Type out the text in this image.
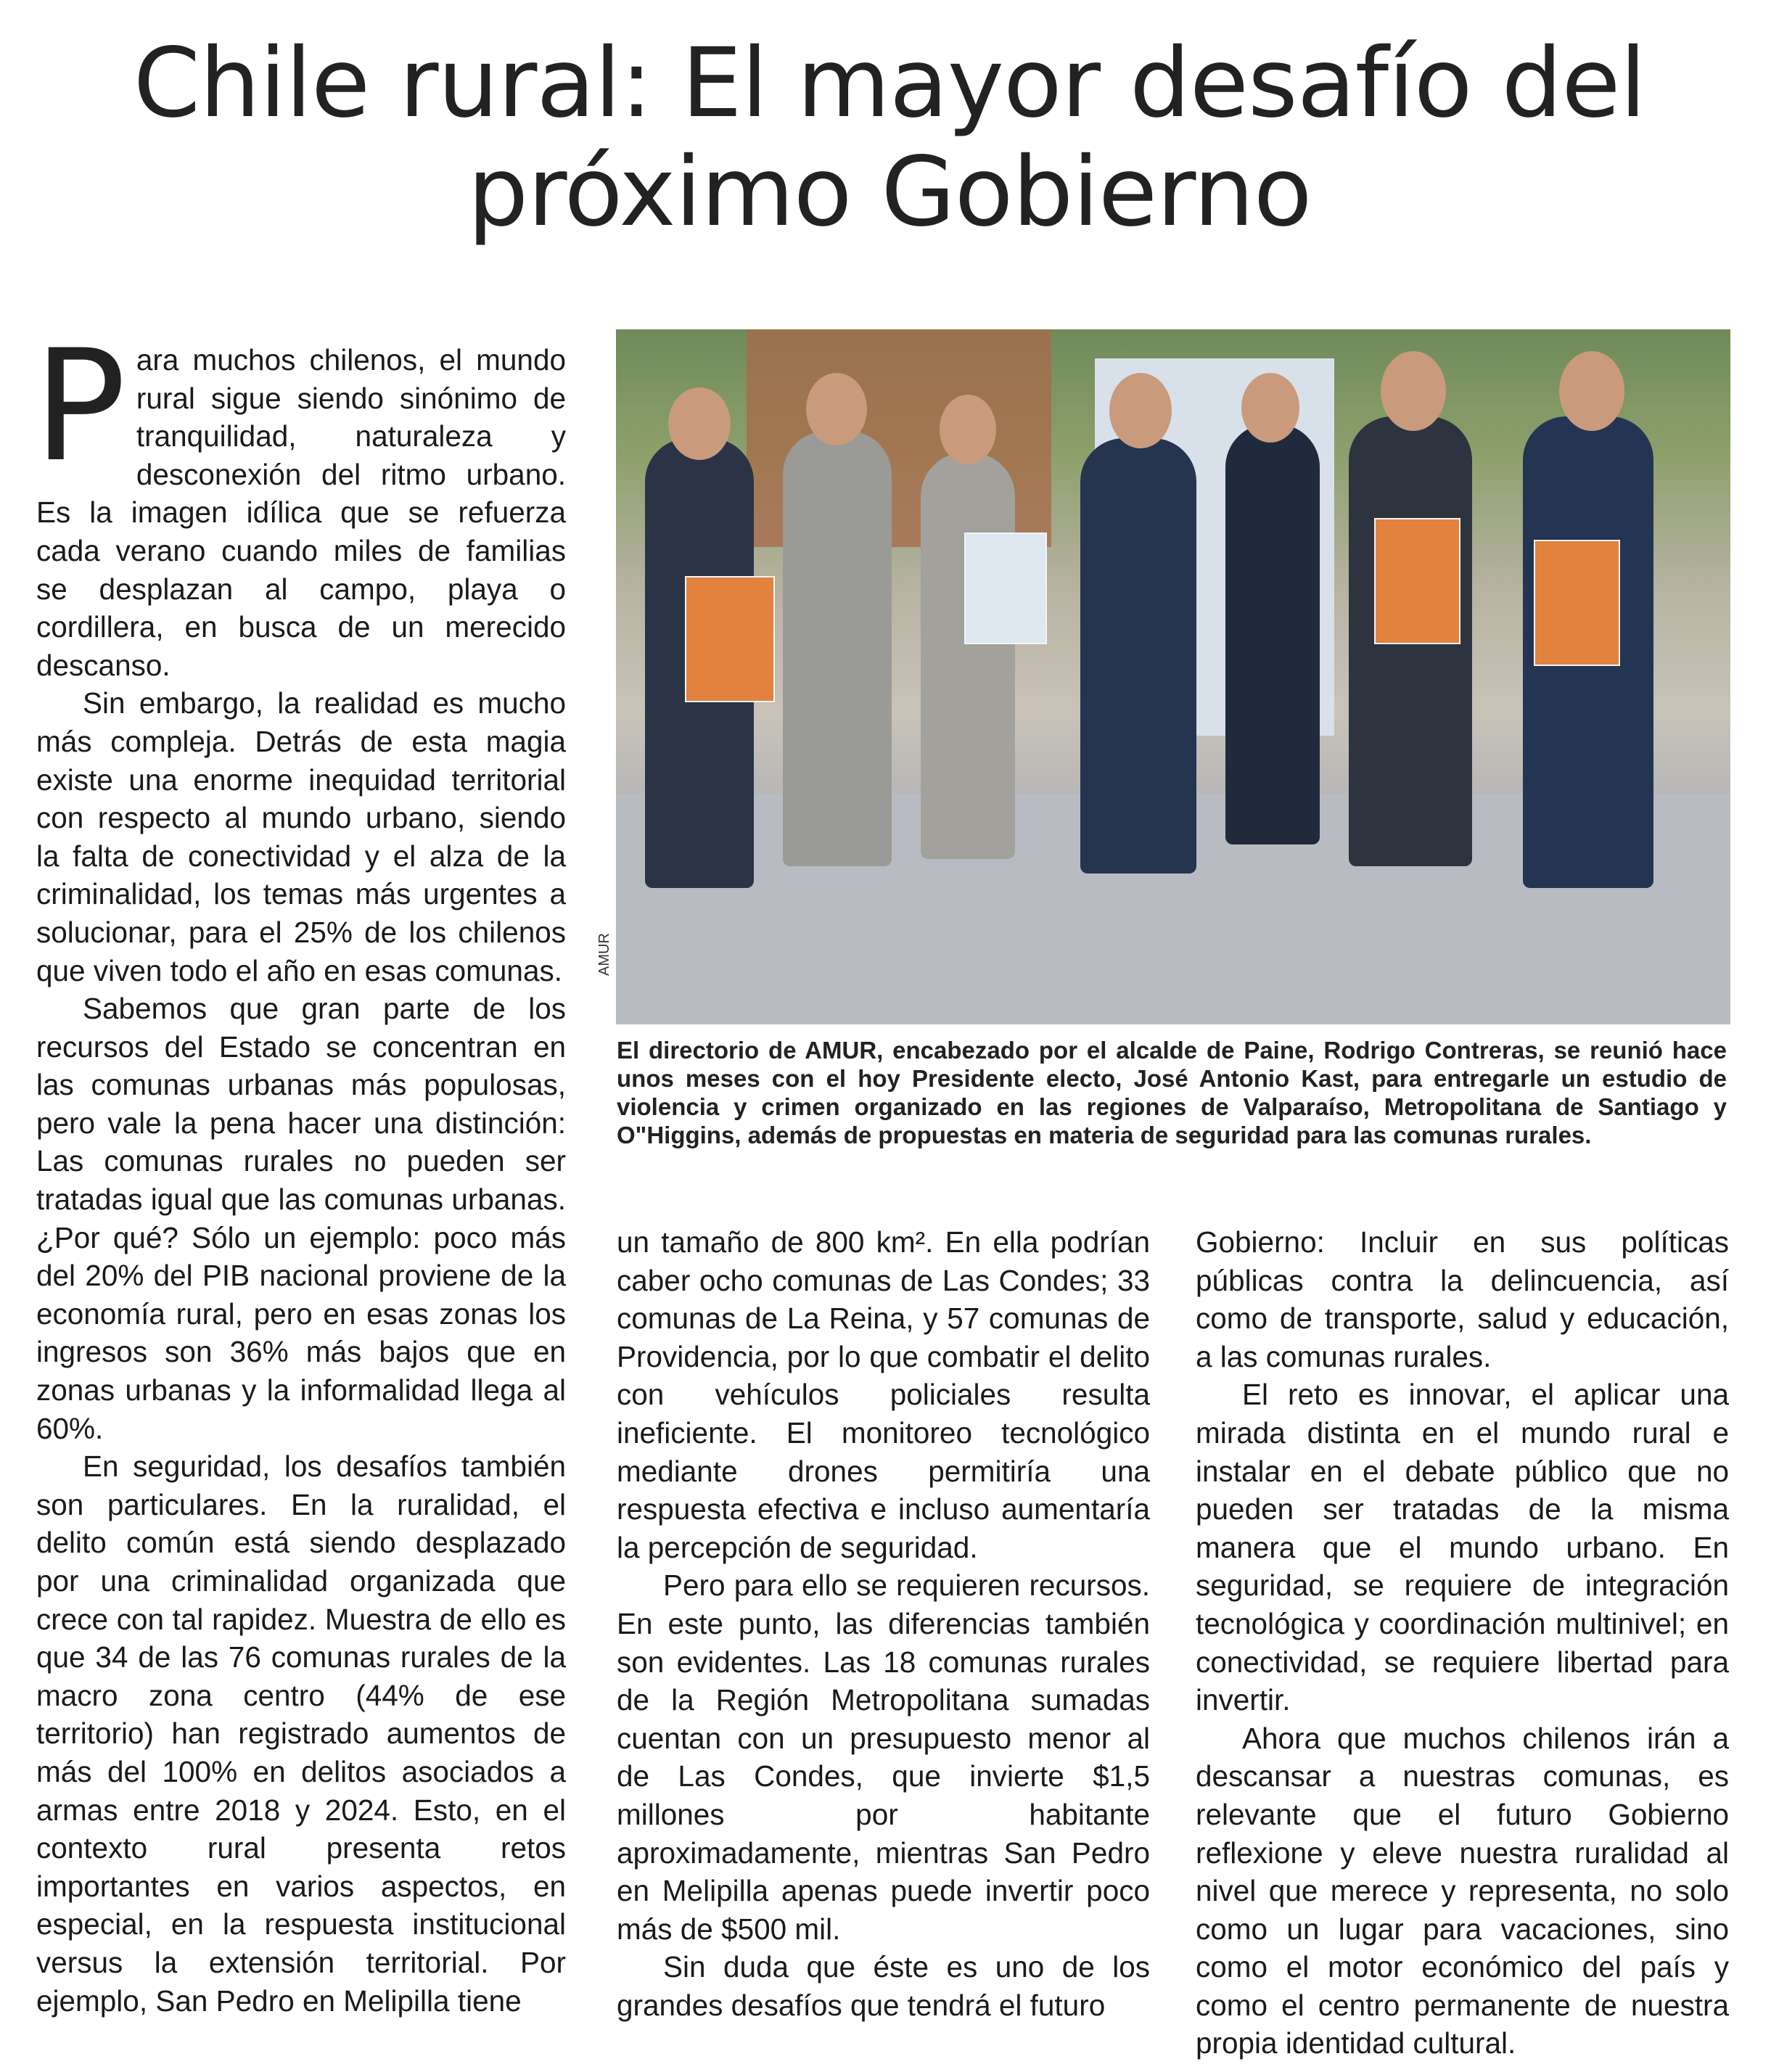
Chile rural: El mayor desafío del próximo Gobierno
P ara muchos chilenos, el mundo rural sigue siendo sinónimo de tranquilidad, naturaleza y desconexión del ritmo urbano. Es la imagen idílica que se refuerza cada verano cuando miles de familias se desplazan al campo, playa o cordillera, en busca de un merecido descanso.

Sin embargo, la realidad es mucho más compleja. Detrás de esta magia existe una enorme inequidad territorial con respecto al mundo urbano, siendo la falta de conectividad y el alza de la criminalidad, los temas más urgentes a solucionar, para el 25% de los chilenos que viven todo el año en esas comunas.

Sabemos que gran parte de los recursos del Estado se concentran en las comunas urbanas más populosas, pero vale la pena hacer una distinción: Las comunas rurales no pueden ser tratadas igual que las comunas urbanas.¿Por qué? Sólo un ejemplo: poco más del 20% del PIB nacional proviene de la economía rural, pero en esas zonas los ingresos son 36% más bajos que en zonas urbanas y la informalidad llega al 60%.

En seguridad, los desafíos también son particulares. En la ruralidad, el delito común está siendo desplazado por una criminalidad organizada que crece con tal rapidez. Muestra de ello es que 34 de las 76 comunas rurales de la macro zona centro (44% de ese territorio) han registrado aumentos de más del 100% en delitos asociados a armas entre 2018 y 2024. Esto, en el contexto rural presenta retos importantes en varios aspectos, en especial, en la respuesta institucional versus la extensión territorial. Por ejemplo, San Pedro en Melipilla tiene

AMUR
El directorio de AMUR, encabezado por el alcalde de Paine, Rodrigo Contreras, se reunió hace unos meses con el hoy Presidente electo, José Antonio Kast, para entregarle un estudio de violencia y crimen organizado en las regiones de Valparaíso, Metropolitana de Santiago y O"Higgins, además de propuestas en materia de seguridad para las comunas rurales.

un tamaño de 800 km². En ella podrían caber ocho comunas de Las Condes; 33 comunas de La Reina, y 57 comunas de Providencia, por lo que combatir el delito con vehículos policiales resulta ineficiente. El monitoreo tecnológico mediante drones permitiría una respuesta efectiva e incluso aumentaría la percepción de seguridad.

Pero para ello se requieren recursos. En este punto, las diferencias también son evidentes. Las 18 comunas rurales de la Región Metropolitana sumadas cuentan con un presupuesto menor al de Las Condes, que invierte $1,5 millones por habitante aproximadamente, mientras San Pedro en Melipilla apenas puede invertir poco más de $500 mil.

Sin duda que éste es uno de los grandes desafíos que tendrá el futuro

Gobierno: Incluir en sus políticas públicas contra la delincuencia, así como de transporte, salud y educación, a las comunas rurales.

El reto es innovar, el aplicar una mirada distinta en el mundo rural e instalar en el debate público que no pueden ser tratadas de la misma manera que el mundo urbano. En seguridad, se requiere de integración tecnológica y coordinación multinivel; en conectividad, se requiere libertad para invertir.

Ahora que muchos chilenos irán a descansar a nuestras comunas, es relevante que el futuro Gobierno reflexione y eleve nuestra ruralidad al nivel que merece y representa, no solo como un lugar para vacaciones, sino como el motor económico del país y como el centro permanente de nuestra propia identidad cultural.
